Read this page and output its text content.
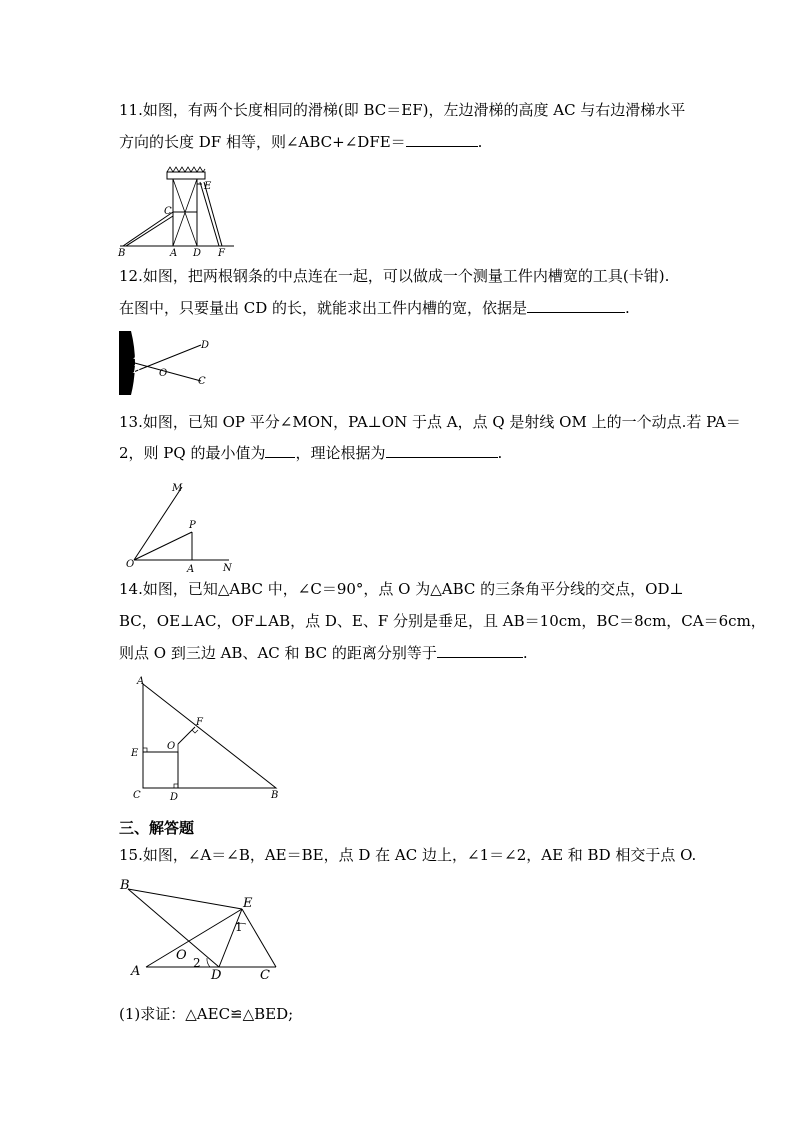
11.如图，有两个长度相同的滑梯(即 BC＝EF)，左边滑梯的高度 AC 与右边滑梯水平
方向的长度 DF 相等，则∠ABC+∠DFE＝	.
B	A D F
C
E
12.如图，把两根钢条的中点连在一起，可以做成一个测量工件内槽宽的工具(卡钳).
在图中，只要量出 CD 的长，就能求出工件内槽的宽，依据是	.
A
B O
C
D
13.如图，已知 OP 平分∠MON，PA⊥ON 于点 A，点 Q 是射线 OM 上的一个动点.若 PA＝
2，则 PQ 的最小值为 ，理论根据为	.
M
P
O	A	N
14.如图，已知△ABC 中，∠C＝90°，点 O 为△ABC 的三条角平分线的交点，OD⊥
BC，OE⊥AC，OF⊥AB，点 D、E、F 分别是垂足，且 AB＝10cm，BC＝8cm，CA＝6cm，
则点 O 到三边 AB、AC 和 BC 的距离分别等于	.
A
F
O
E
C	D	B
三、解答题
15.如图，∠A＝∠B，AE＝BE，点 D 在 AC 边上，∠1＝∠2，AE 和 BD 相交于点 O.
B
E
1
O 2
A	D	C
(1)求证：△AEC≌△BED;
